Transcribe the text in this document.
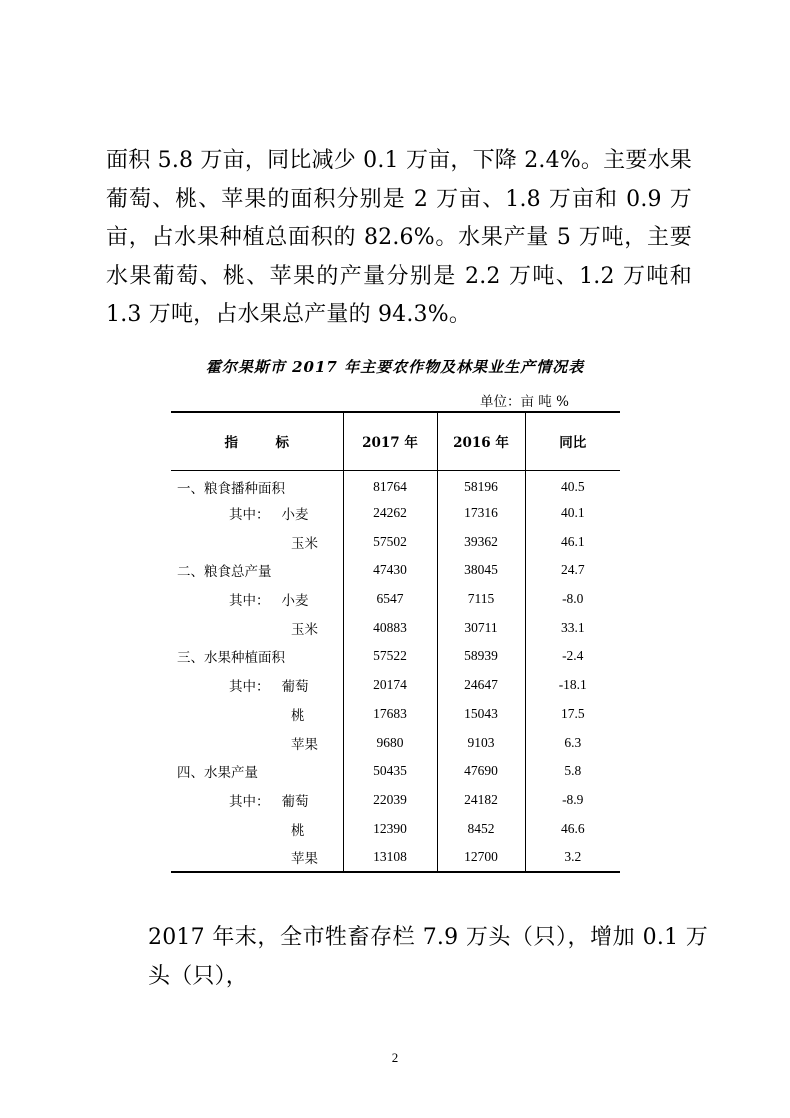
面积 5.8 万亩，同比减少 0.1 万亩，下降 2.4%。主要水果葡萄、桃、苹果的面积分别是 2 万亩、1.8 万亩和 0.9 万亩，占水果种植总面积的 82.6%。水果产量 5 万吨，主要水果葡萄、桃、苹果的产量分别是 2.2 万吨、1.2 万吨和 1.3 万吨，占水果总产量的 94.3%。

霍尔果斯市 2017 年主要农作物及林果业生产情况表
单位：亩 吨 %
指        标	2017 年	2016 年	同比
一、粮食播种面积	81764	58196	40.5
其中： 小麦	24262	17316	40.1
玉米	57502	39362	46.1
二、粮食总产量	47430	38045	24.7
其中： 小麦	6547	7115	-8.0
玉米	40883	30711	33.1
三、水果种植面积	57522	58939	-2.4
其中： 葡萄	20174	24647	-18.1
桃	17683	15043	17.5
苹果	9680	9103	6.3
四、水果产量	50435	47690	5.8
其中： 葡萄	22039	24182	-8.9
桃	12390	8452	46.6
苹果	13108	12700	3.2

2017 年末，全市牲畜存栏 7.9 万头（只），增加 0.1 万头（只），

2
